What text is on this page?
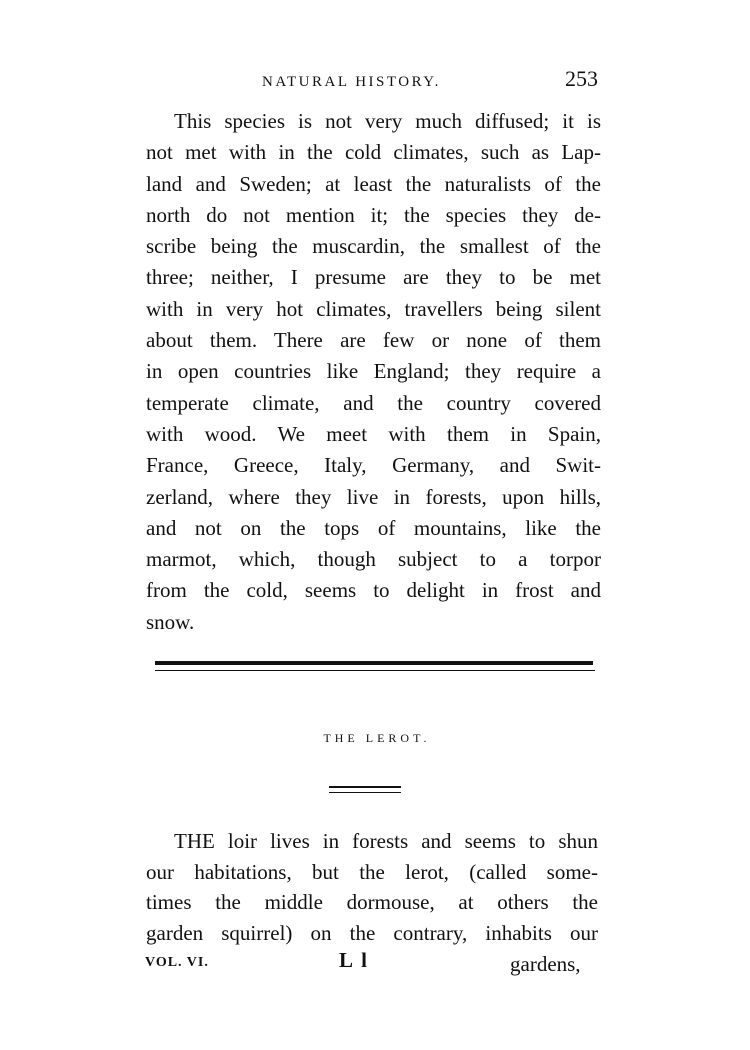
NATURAL HISTORY.	253
This species is not very much diffused; it is
not met with in the cold climates, such as Lap-
land and Sweden; at least the naturalists of the
north do not mention it; the species they de-
scribe being the muscardin, the smallest of the
three; neither, I presume are they to be met
with in very hot climates, travellers being silent
about them. There are few or none of them
in open countries like England; they require a
temperate climate, and the country covered
with wood. We meet with them in Spain,
France, Greece, Italy, Germany, and Swit-
zerland, where they live in forests, upon hills,
and not on the tops of mountains, like the
marmot, which, though subject to a torpor
from the cold, seems to delight in frost and
snow.
THE LEROT.
THE loir lives in forests and seems to shun
our habitations, but the lerot, (called some-
times the middle dormouse, at others the
garden squirrel) on the contrary, inhabits our
VOL. VI.	L l	gardens,
